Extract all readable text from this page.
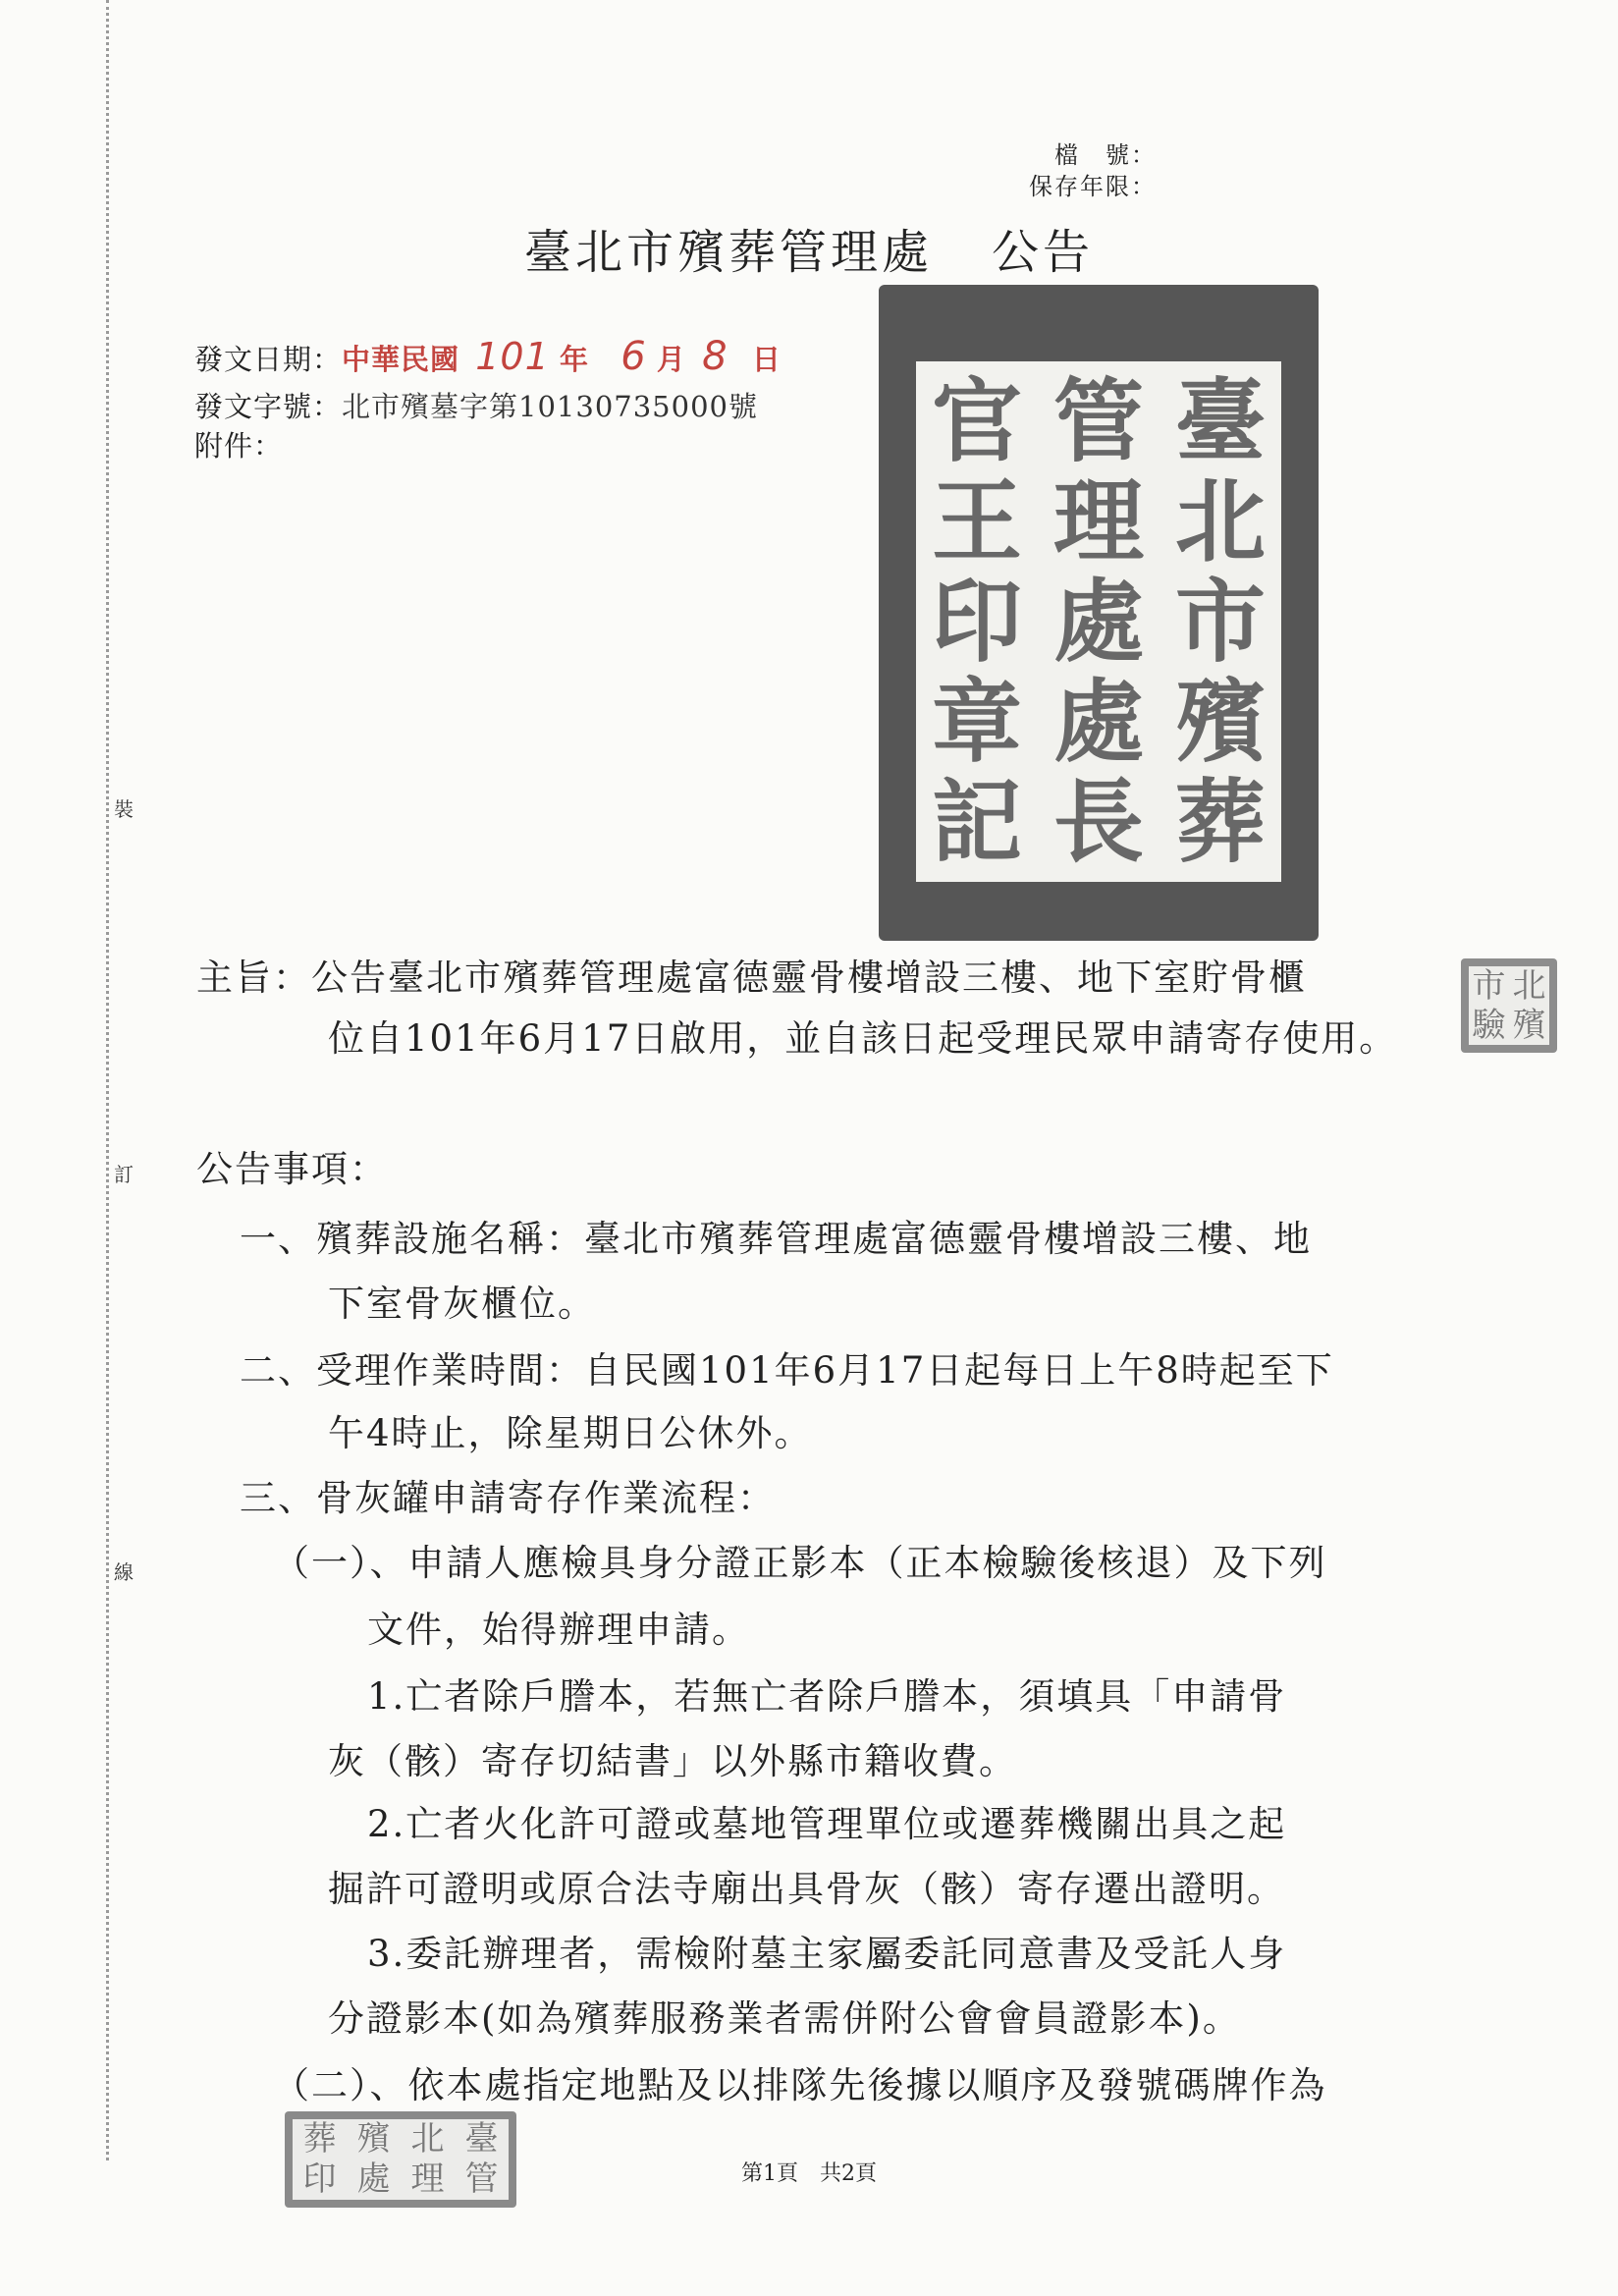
裝
訂
線
檔　號：
保存年限：
臺北市殯葬管理處 公告
發文日期：中華民國 101 年 6 月 8 日
發文字號：北市殯墓字第10130735000號
附件：	臺
北
市
殯
葬
管
理
處
處
長
官
王
印
章
記
主旨：公告臺北市殯葬管理處富德靈骨樓增設三樓、地下室貯骨櫃
位自101年6月17日啟用，並自該日起受理民眾申請寄存使用。
北
市
殯
驗
公告事項：
一、殯葬設施名稱：臺北市殯葬管理處富德靈骨樓增設三樓、地
下室骨灰櫃位。
二、受理作業時間：自民國101年6月17日起每日上午8時起至下
午4時止，除星期日公休外。
三、骨灰罐申請寄存作業流程：
（一）、申請人應檢具身分證正影本（正本檢驗後核退）及下列
文件，始得辦理申請。
1.亡者除戶謄本，若無亡者除戶謄本，須填具「申請骨
灰（骸）寄存切結書」以外縣市籍收費。
2.亡者火化許可證或墓地管理單位或遷葬機關出具之起
掘許可證明或原合法寺廟出具骨灰（骸）寄存遷出證明。
3.委託辦理者，需檢附墓主家屬委託同意書及受託人身
分證影本(如為殯葬服務業者需併附公會會員證影本)。
（二）、依本處指定地點及以排隊先後據以順序及發號碼牌作為
臺
北
殯
葬
管
理
處
印	第1頁　共2頁
